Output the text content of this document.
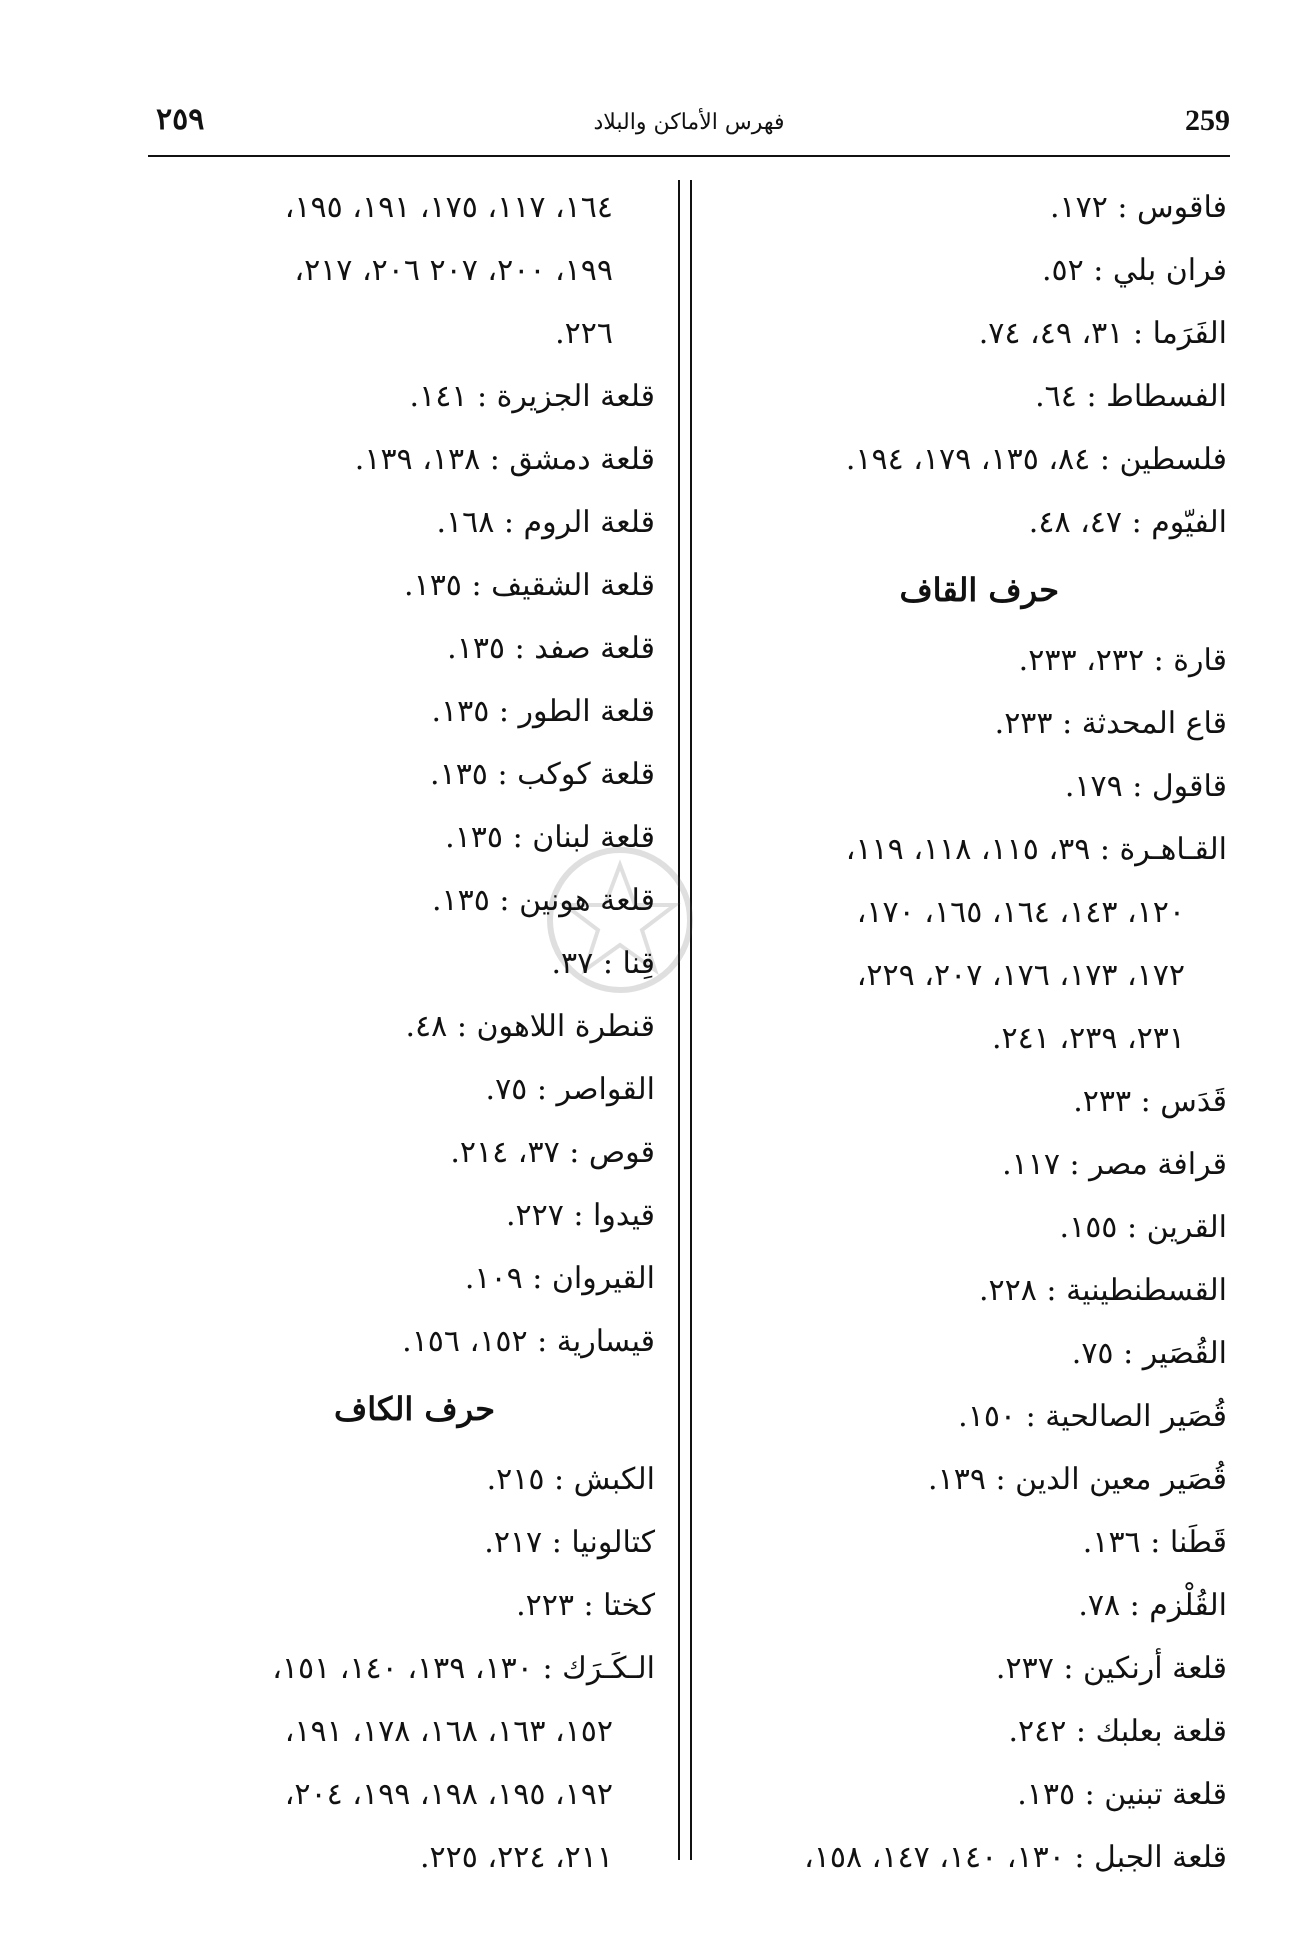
259
فهرس الأماكن والبلاد
٢٥٩
فاقوس : ١٧٢.
فران بلي : ٥٢.
الفَرَما : ٣١، ٤٩، ٧٤.
الفسطاط : ٦٤.
فلسطين : ٨٤، ١٣٥، ١٧٩، ١٩٤.
الفيّوم : ٤٧، ٤٨.
حرف القاف
قارة : ٢٣٢، ٢٣٣.
قاع المحدثة : ٢٣٣.
قاقول : ١٧٩.
القـاهـرة : ٣٩، ١١٥، ١١٨، ١١٩،
١٢٠، ١٤٣، ١٦٤، ١٦٥، ١٧٠،
١٧٢، ١٧٣، ١٧٦، ٢٠٧، ٢٢٩،
٢٣١، ٢٣٩، ٢٤١.
قَدَس : ٢٣٣.
قرافة مصر : ١١٧.
القرين : ١٥٥.
القسطنطينية : ٢٢٨.
القُصَير : ٧٥.
قُصَير الصالحية : ١٥٠.
قُصَير معين الدين : ١٣٩.
قَطَنا : ١٣٦.
القُلْزم : ٧٨.
قلعة أرنكين : ٢٣٧.
قلعة بعلبك : ٢٤٢.
قلعة تبنين : ١٣٥.
قلعة الجبل : ١٣٠، ١٤٠، ١٤٧، ١٥٨،
١٦٤، ١١٧، ١٧٥، ١٩١، ١٩٥،
١٩٩، ٢٠٠، ٢٠٧ ٢٠٦، ٢١٧،
٢٢٦.
قلعة الجزيرة : ١٤١.
قلعة دمشق : ١٣٨، ١٣٩.
قلعة الروم : ١٦٨.
قلعة الشقيف : ١٣٥.
قلعة صفد : ١٣٥.
قلعة الطور : ١٣٥.
قلعة كوكب : ١٣٥.
قلعة لبنان : ١٣٥.
قلعة هونين : ١٣٥.
قِنا : ٣٧.
قنطرة اللاهون : ٤٨.
القواصر : ٧٥.
قوص : ٣٧، ٢١٤.
قيدوا : ٢٢٧.
القيروان : ١٠٩.
قيسارية : ١٥٢، ١٥٦.
حرف الكاف
الكبش : ٢١٥.
كتالونيا : ٢١٧.
كختا : ٢٢٣.
الـكَـرَك : ١٣٠، ١٣٩، ١٤٠، ١٥١،
١٥٢، ١٦٣، ١٦٨، ١٧٨، ١٩١،
١٩٢، ١٩٥، ١٩٨، ١٩٩، ٢٠٤،
٢١١، ٢٢٤، ٢٢٥.
